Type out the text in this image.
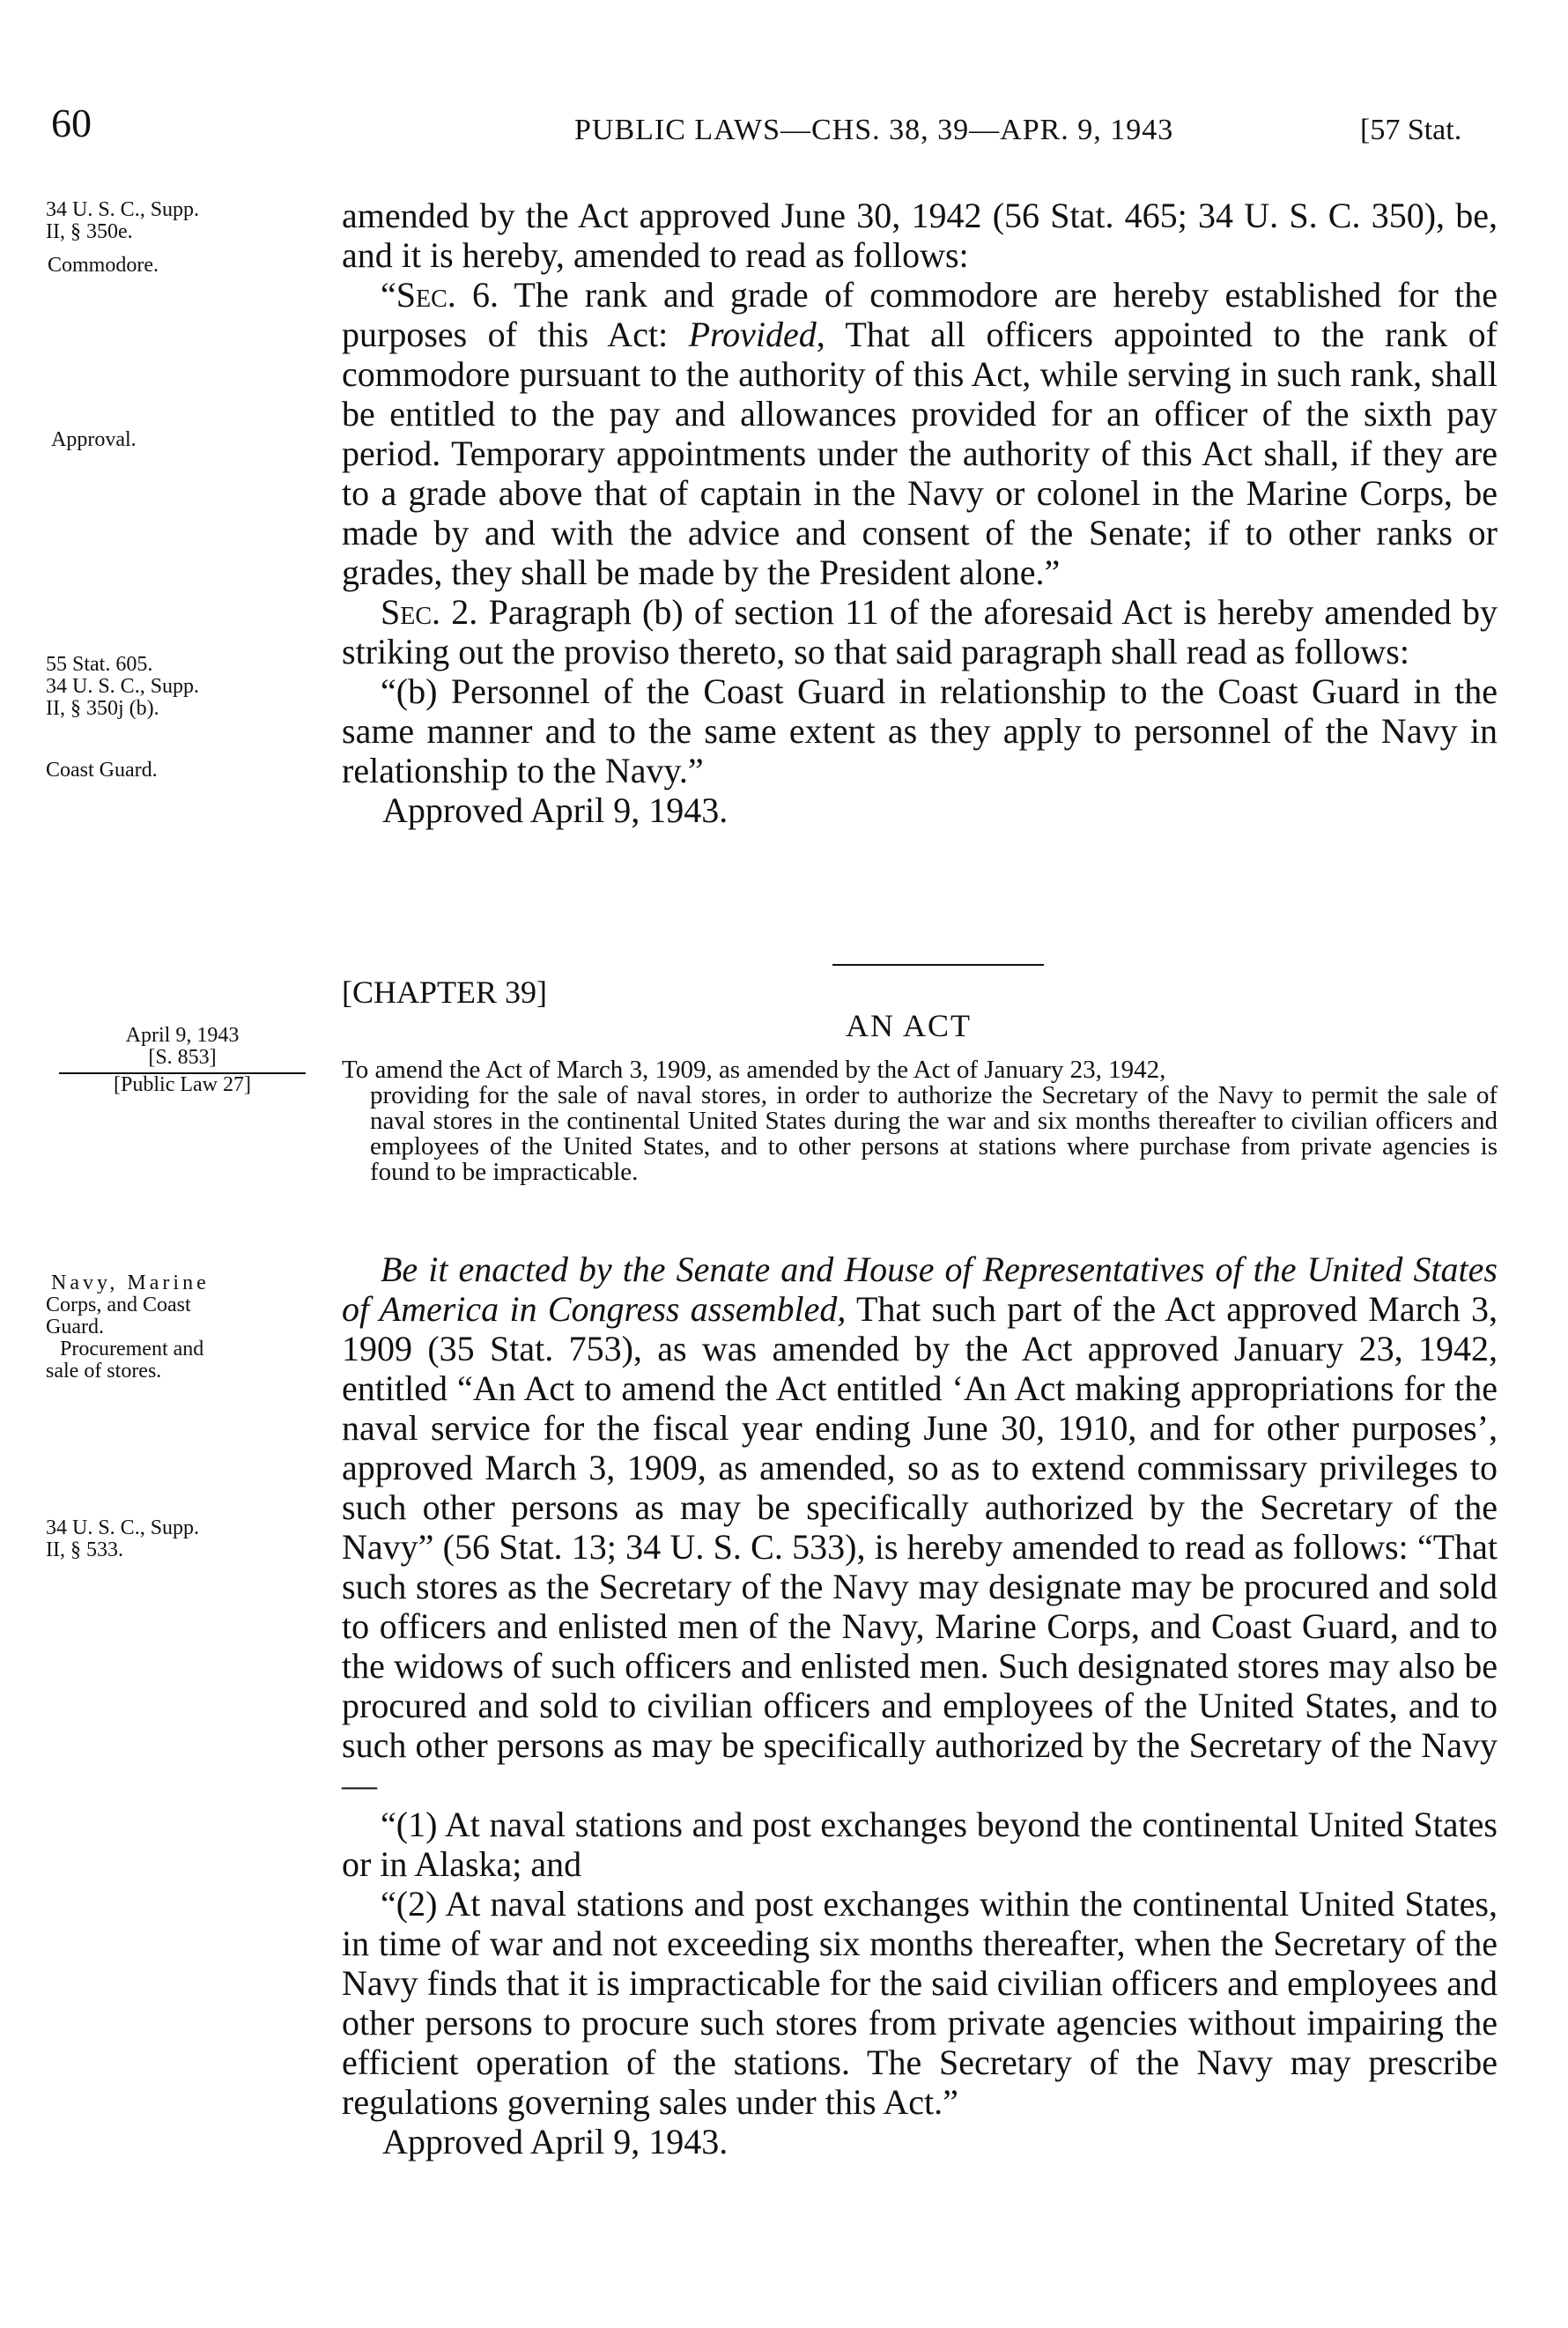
60	PUBLIC LAWS—CHS. 38, 39—APR. 9, 1943	[57 Stat.
34 U. S. C., Supp.
II, § 350e.
Commodore.
Approval.
55 Stat. 605.
34 U. S. C., Supp.
II, § 350j (b).
Coast Guard.
April 9, 1943
[S. 853]
[Public Law 27]
Navy, Marine
Corps, and Coast
Guard.
Procurement and
sale of stores.
34 U. S. C., Supp.
II, § 533.

amended by the Act approved June 30, 1942 (56 Stat. 465; 34 U. S. C. 350), be, and it is hereby, amended to read as follows:

“Sec. 6. The rank and grade of commodore are hereby established for the purposes of this Act: Provided, That all officers appointed to the rank of commodore pursuant to the authority of this Act, while serving in such rank, shall be entitled to the pay and allowances provided for an officer of the sixth pay period. Temporary appointments under the authority of this Act shall, if they are to a grade above that of captain in the Navy or colonel in the Marine Corps, be made by and with the advice and consent of the Senate; if to other ranks or grades, they shall be made by the President alone.”

Sec. 2. Paragraph (b) of section 11 of the aforesaid Act is hereby amended by striking out the proviso thereto, so that said paragraph shall read as follows:

“(b) Personnel of the Coast Guard in relationship to the Coast Guard in the same manner and to the same extent as they apply to personnel of the Navy in relationship to the Navy.”

Approved April 9, 1943.

[CHAPTER 39]
AN ACT
To amend the Act of March 3, 1909, as amended by the Act of January 23, 1942,
providing for the sale of naval stores, in order to authorize the Secretary of the Navy to permit the sale of naval stores in the continental United States during the war and six months thereafter to civilian officers and employees of the United States, and to other persons at stations where purchase from private agencies is found to be impracticable.

Be it enacted by the Senate and House of Representatives of the United States of America in Congress assembled, That such part of the Act approved March 3, 1909 (35 Stat. 753), as was amended by the Act approved January 23, 1942, entitled “An Act to amend the Act entitled ‘An Act making appropriations for the naval service for the fiscal year ending June 30, 1910, and for other purposes’, approved March 3, 1909, as amended, so as to extend commissary privileges to such other persons as may be specifically authorized by the Secretary of the Navy” (56 Stat. 13; 34 U. S. C. 533), is hereby amended to read as follows: “That such stores as the Secretary of the Navy may designate may be procured and sold to officers and enlisted men of the Navy, Marine Corps, and Coast Guard, and to the widows of such officers and enlisted men. Such designated stores may also be procured and sold to civilian officers and employees of the United States, and to such other persons as may be specifically authorized by the Secretary of the Navy—

“(1) At naval stations and post exchanges beyond the continental United States or in Alaska; and

“(2) At naval stations and post exchanges within the continental United States, in time of war and not exceeding six months thereafter, when the Secretary of the Navy finds that it is impracticable for the said civilian officers and employees and other persons to procure such stores from private agencies without impairing the efficient operation of the stations. The Secretary of the Navy may prescribe regulations governing sales under this Act.”

Approved April 9, 1943.
